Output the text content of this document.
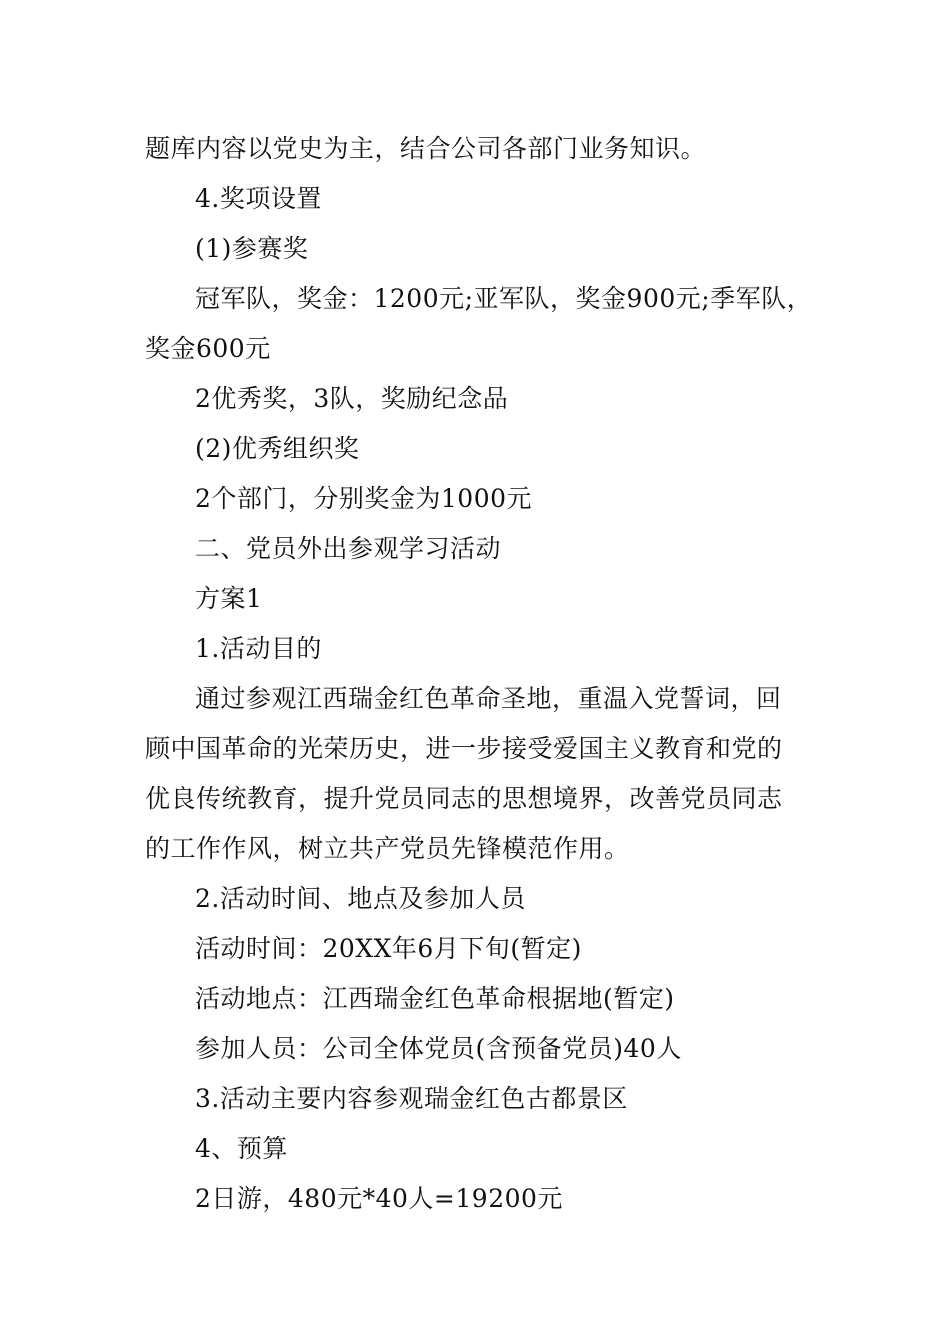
题库内容以党史为主，结合公司各部门业务知识。
4.奖项设置
(1)参赛奖
冠军队，奖金：1200元;亚军队，奖金900元;季军队，
奖金600元
2优秀奖，3队，奖励纪念品
(2)优秀组织奖
2个部门，分别奖金为1000元
二、党员外出参观学习活动
方案1
1.活动目的
通过参观江西瑞金红色革命圣地，重温入党誓词，回
顾中国革命的光荣历史，进一步接受爱国主义教育和党的
优良传统教育，提升党员同志的思想境界，改善党员同志
的工作作风，树立共产党员先锋模范作用。
2.活动时间、地点及参加人员
活动时间：20XX年6月下旬(暂定)
活动地点：江西瑞金红色革命根据地(暂定)
参加人员：公司全体党员(含预备党员)40人
3.活动主要内容参观瑞金红色古都景区
4、预算
2日游，480元*40人=19200元
